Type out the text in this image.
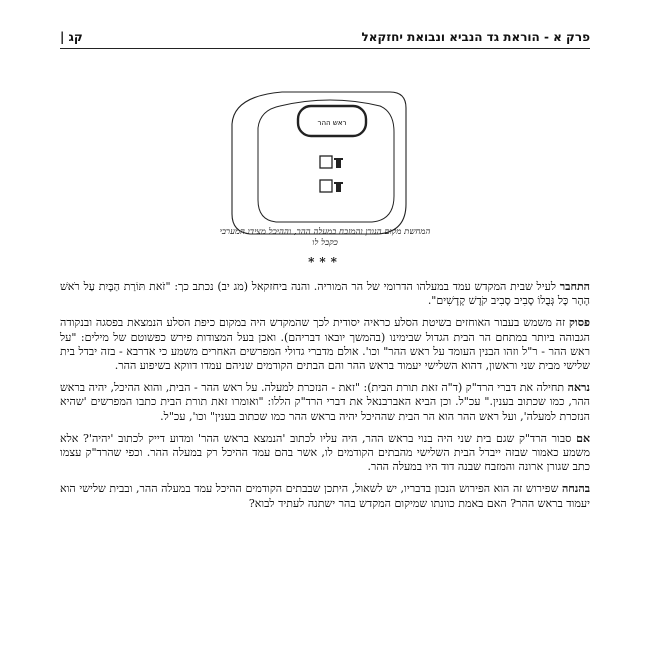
פרק א - הוראת גד הנביא ונבואת יחזקאל
קג |
ראש ההר
המחשת מקום הגורן והמזבח במעלה ההר, וההיכל מצידו המערבי כקבל לו
***

התחבר לעיל שבית המקדש עמד במעלהו הדרומי של הר המוריה. והנה ביחזקאל (מג יב) נכתב כך: "זֹאת תּוֹרַת הַבָּיִת עַל רֹאשׁ הָהָר כָּל גְּבֻלוֹ סָבִיב סָבִיב קֹדֶשׁ קָדָשִׁים".

פסוק זה משמש בעבור האוחזים בשיטת הסלע כראיה יסודית לכך שהמקדש היה במקום כיפת הסלע הנמצאת בפסגה ובנקודה הגבוהה ביותר במתחם הר הבית הגדול שבימינו (בהמשך יובאו דבריהם). ואכן בעל המצודות פירש כפשוטם של מילים: "על ראש ההר - ר"ל וזהו הבנין העומד על ראש ההר" וכו'. אולם מדברי גדולי המפרשים האחרים משמע כי אדרבא - בזה יבדל בית שלישי מבית שני וראשון, דהוא השלישי יעמוד בראש ההר והם הבתים הקודמים שניהם עמדו דווקא בשיפוע ההר.

נראה תחילה את דברי הרד"ק (ד"ה זאת תורת הבית): "זאת - הנזכרת למעלה. על ראש ההר - הבית, והוא ההיכל, יהיה בראש ההר, כמו שכתוב בענין." עכ"ל. וכן הביא האברבנאל את דברי הרד"ק הללו: "ואומרו זאת תורת הבית כתבו המפרשים 'שהיא הנזכרת למעלה', ועל ראש ההר הוא הר הבית שההיכל יהיה בראש ההר כמו שכתוב בענין" וכו', עכ"ל.

אם סבור הרד"ק שגם בית שני היה בנוי בראש ההר, היה עליו לכתוב 'הנמצא בראש ההר' ומדוע דייק לכתוב 'יהיה'? אלא משמע כאמור שבזה ייבדל הבית השלישי מהבתים הקודמים לו, אשר בהם עמד ההיכל רק במעלה ההר. וכפי שהרד"ק עצמו כתב שגורן ארונה והמזבח שבנה דוד היו במעלה ההר.

בהנחה שפירוש זה הוא הפירוש הנכון בדבריו, יש לשאול, היתכן שבבתים הקודמים ההיכל עמד במעלה ההר, ובבית שלישי הוא יעמוד בראש ההר? האם באמת כוונתו שמיקום המקדש בהר ישתנה לעתיד לבוא?
